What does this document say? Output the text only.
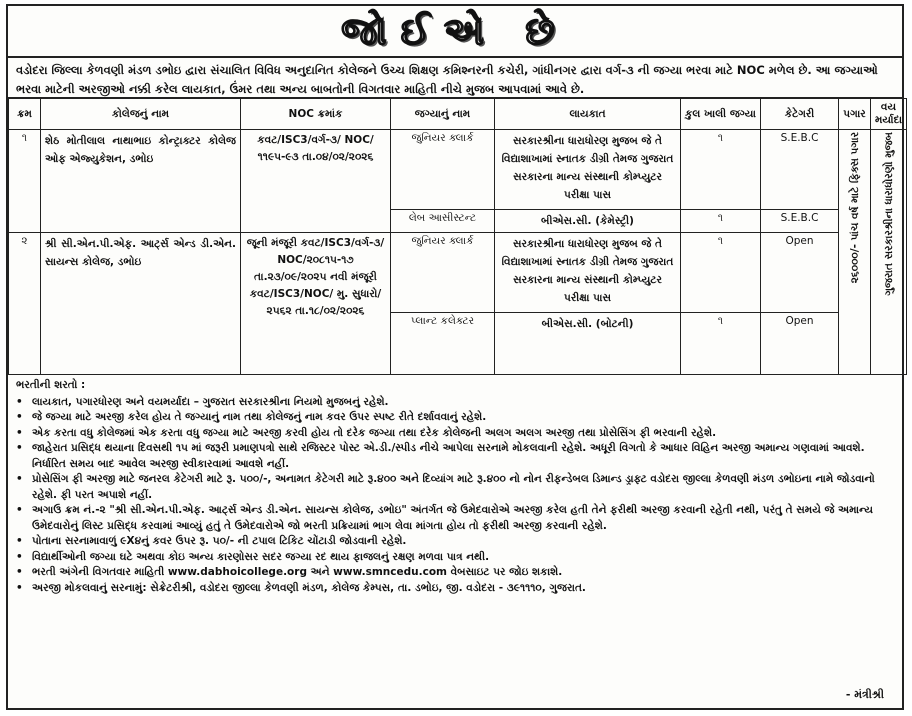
જોઈએ છે
વડોદરા જિલ્લા કેળવણી મંડળ ડભોઇ દ્વારા સંચાલિત વિવિધ અનુદાનિત કોલેજને ઉચ્ચ શિક્ષણ કમિશ્નરની કચેરી, ગાંધીનગર દ્વારા વર્ગ-૩ ની જગ્યા ભરવા માટે NOC મળેલ છે. આ જગ્યાઓ ભરવા માટેની અરજીઓ નક્કી કરેલ લાયકાત, ઉંમર તથા અન્ય બાબતોની વિગતવાર માહિતી નીચે મુજબ આપવામાં આવે છે.
ક્રમ	કોલેજનું નામ	NOC ક્રમાંક	જગ્યાનું નામ	લાયકાત	કુલ ખાલી જગ્યા	કેટેગરી	પગાર	વય મર્યાદા
૧	શેઠ મોતીલાલ નાથાભાઇ કોન્ટ્રાક્ટર કોલેજ ઓફ એજ્યુકેશન, ડભોઇ	કવટ/ISC3/વર્ગ-૩/ NOC/૧૧૯૫-૯૩ તા.૦૪/૦૨/૨૦૨૬	જુનિયર ક્લાર્ક	સરકારશ્રીના ધારાધોરણ મુજબ જે તે વિદ્યાશાખામાં સ્નાતક ડીગ્રી તેમજ ગુજરાત સરકારના માન્ય સંસ્થાની કોમ્પ્યુટર પરીક્ષા પાસ	૧	S.E.B.C	૨૬૦૦૦/- પાંચ વર્ષ માટે ફિક્સ પગાર	ગુજરાત સરકારશ્રીના ધારાધોરણો મુજબ

			લેબ આસીસ્ટન્ટ	બીએસ.સી. (કેમેસ્ટ્રી)	૧	S.E.B.C		
૨	શ્રી સી.એન.પી.એફ. આર્ટ્સ એન્ડ ડી.એન. સાયન્સ કોલેજ, ડભોઇ	જૂની મંજૂરી કવટ/ISC3/વર્ગ-૩/ NOC/૨૦૮૧૫-૧૭ તા.૨૩/૦૯/૨૦૨૫ નવી મંજૂરી કવટ/ISC3/NOC/ મુ. સુધારો/ ૨૫૬૨ તા.૧૮/૦૨/૨૦૨૬	જુનિયર ક્લાર્ક	સરકારશ્રીના ધારાધોરણ મુજબ જે તે વિદ્યાશાખામાં સ્નાતક ડીગ્રી તેમજ ગુજરાત સરકારના માન્ય સંસ્થાની કોમ્પ્યુટર પરીક્ષા પાસ	૧	Open		
			પ્લાન્ટ કલેક્ટર	બીએસ.સી. (બોટની)	૧	Open		
ભરતીની શરતો :
• લાયકાત, પગારધોરણ અને વયમર્યાદા – ગુજરાત સરકારશ્રીના નિયમો મુજબનું રહેશે.
• જે જગ્યા માટે અરજી કરેલ હોય તે જગ્યાનું નામ તથા કોલેજનું નામ કવર ઉપર સ્પષ્ટ રીતે દર્શાવવાનું રહેશે.
• એક કરતા વધુ કોલેજમાં એક કરતા વધુ જગ્યા માટે અરજી કરવી હોય તો દરેક જગ્યા તથા દરેક કોલેજની અલગ અલગ અરજી તથા પ્રોસેસિંગ ફી ભરવાની રહેશે.
• જાહેરાત પ્રસિદ્ધ થયાના દિવસથી ૧૫ માં જરૂરી પ્રમાણપત્રો સાથે રજિસ્ટર પોસ્ટ એ.ડી./સ્પીડ નીચે આપેલા સરનામે મોકલવાની રહેશે. અધૂરી વિગતો કે આધાર વિહિન અરજી અમાન્ય ગણવામાં આવશે. નિર્ધારિત સમય બાદ આવેલ અરજી સ્વીકારવામાં આવશે નહીં.
• પ્રોસેસિંગ ફી અરજી માટે જનરલ કેટેગરી માટે રૂ. ૫૦૦/-, અનામત કેટેગરી માટે રૂ.૪૦૦ અને દિવ્યાંગ માટે રૂ.૪૦૦ નો નોન રીફન્ડેબલ ડિમાન્ડ ડ્રાફ્ટ વડોદરા જીલ્લા કેળવણી મંડળ ડભોઇના નામે જોડવાનો રહેશે. ફી પરત અપાશે નહીં.
• અગાઉ ક્રમ નં.-૨ "શ્રી સી.એન.પી.એફ. આર્ટ્સ એન્ડ ડી.એન. સાયન્સ કોલેજ, ડભોઇ" અંતર્ગત જે ઉમેદવારોએ અરજી કરેલ હતી તેને ફરીથી અરજી કરવાની રહેતી નથી, પરંતુ તે સમયે જે અમાન્ય ઉમેદવારોનું લિસ્ટ પ્રસિદ્ધ કરવામાં આવ્યું હતું તે ઉમેદવારોએ જો ભરતી પ્રક્રિયામાં ભાગ લેવા માંગતા હોય તો ફરીથી અરજી કરવાની રહેશે.
• પોતાના સરનામાવાળું ૯X૪નું કવર ઉપર રૂ. ૫૦/- ની ટપાલ ટિકિટ ચોંટાડી જોડવાની રહેશે.
• વિદ્યાર્થીઓની જગ્યા ઘટે અથવા કોઇ અન્ય કારણોસર સદર જગ્યા રદ થાય ફાજલનું રક્ષણ મળવા પાત્ર નથી.
• ભરતી અંગેની વિગતવાર માહિતી www.dabhoicollege.org અને www.smncedu.com વેબસાઇટ પર જોઇ શકાશે.
• અરજી મોકલવાનું સરનામું: સેક્રેટરીશ્રી, વડોદરા જીલ્લા કેળવણી મંડળ, કોલેજ કેમ્પસ, તા. ડભોઇ, જી. વડોદરા - ૩૯૧૧૧૦, ગુજરાત.
- મંત્રીશ્રી
